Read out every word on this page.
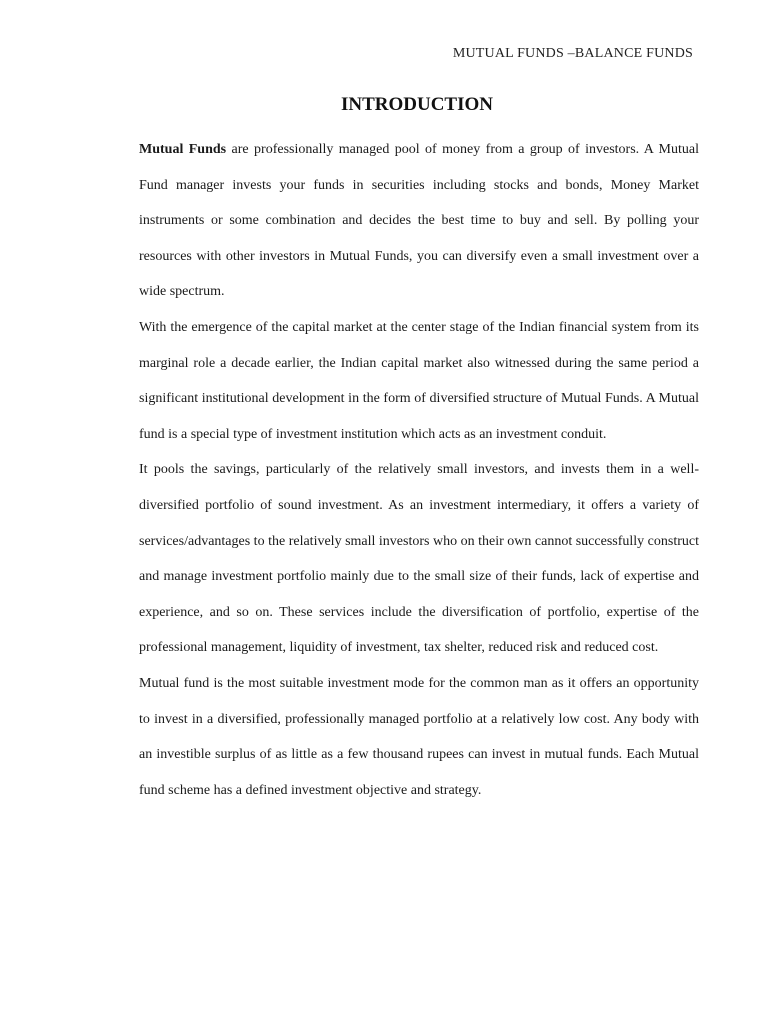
MUTUAL FUNDS –BALANCE FUNDS
INTRODUCTION

Mutual Funds are professionally managed pool of money from a group of investors. A Mutual Fund manager invests your funds in securities including stocks and bonds, Money Market instruments or some combination and decides the best time to buy and sell. By polling your resources with other investors in Mutual Funds, you can diversify even a small investment over a wide spectrum.

With the emergence of the capital market at the center stage of the Indian financial system from its marginal role a decade earlier, the Indian capital market also witnessed during the same period a significant institutional development in the form of diversified structure of Mutual Funds. A Mutual fund is a special type of investment institution which acts as an investment conduit.

It pools the savings, particularly of the relatively small investors, and invests them in a well-diversified portfolio of sound investment. As an investment intermediary, it offers a variety of services/advantages to the relatively small investors who on their own cannot successfully construct and manage investment portfolio mainly due to the small size of their funds, lack of expertise and experience, and so on. These services include the diversification of portfolio, expertise of the professional management, liquidity of investment, tax shelter, reduced risk and reduced cost.

Mutual fund is the most suitable investment mode for the common man as it offers an opportunity to invest in a diversified, professionally managed portfolio at a relatively low cost. Any body with an investible surplus of as little as a few thousand rupees can invest in mutual funds. Each Mutual fund scheme has a defined investment objective and strategy.
